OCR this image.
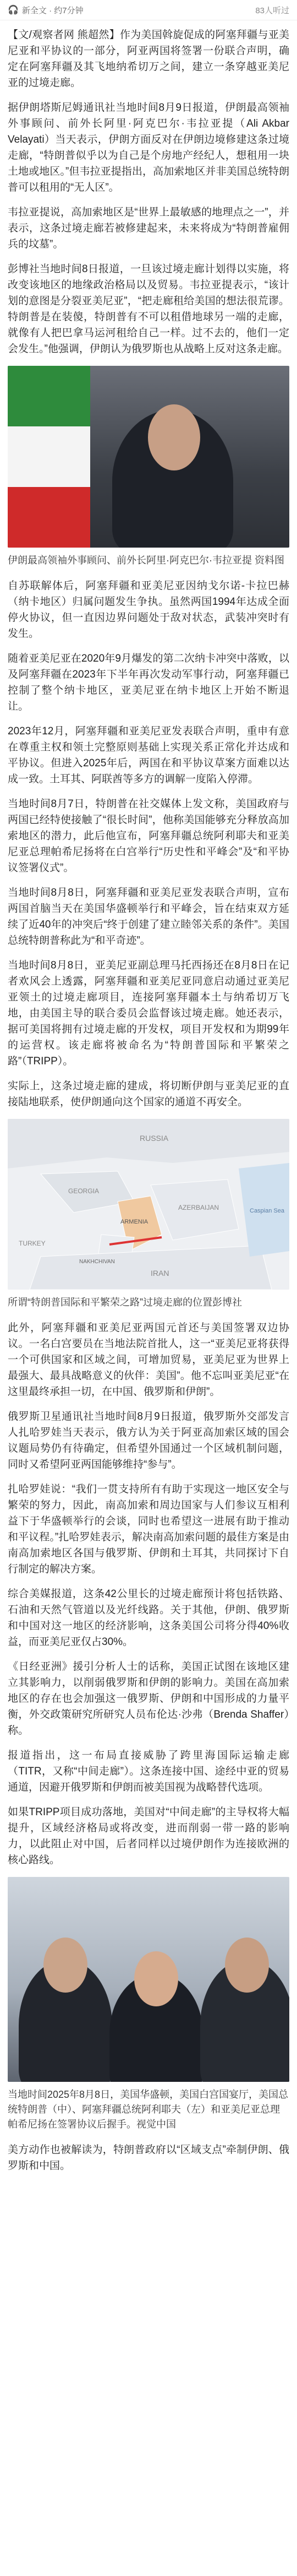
🎧 新全文 · 约7分钟	83人听过

【文/观察者网 熊超然】作为美国斡旋促成的阿塞拜疆与亚美尼亚和平协议的一部分，阿亚两国将签署一份联合声明，确定在阿塞拜疆及其飞地纳希切万之间，建立一条穿越亚美尼亚的过境走廊。

据伊朗塔斯尼姆通讯社当地时间8月9日报道，伊朗最高领袖外事顾问、前外长阿里·阿克巴尔·韦拉亚提（Ali Akbar Velayati）当天表示，伊朗方面反对在伊朗边境修建这条过境走廊，“特朗普似乎以为自己是个房地产经纪人，想租用一块土地或地区。”但韦拉亚提指出，高加索地区并非美国总统特朗普可以租用的“无人区”。

韦拉亚提说，高加索地区是“世界上最敏感的地理点之一”，并表示，这条过境走廊若被修建起来，未来将成为“特朗普雇佣兵的坟墓”。

彭博社当地时间8日报道，一旦该过境走廊计划得以实施，将改变该地区的地缘政治格局以及贸易。韦拉亚提表示，“该计划的意图是分裂亚美尼亚”，“把走廊租给美国的想法很荒谬。特朗普是在装傻，特朗普有不可以租借地球另一端的走廊，就像有人把巴拿马运河租给自己一样。过不去的，他们一定会发生。”他强调，伊朗认为俄罗斯也从战略上反对这条走廊。

伊朗最高领袖外事顾问、前外长阿里·阿克巴尔·韦拉亚提 资料图

自苏联解体后，阿塞拜疆和亚美尼亚因纳戈尔诺-卡拉巴赫（纳卡地区）归属问题发生争执。虽然两国1994年达成全面停火协议，但一直因边界问题处于敌对状态，武装冲突时有发生。

随着亚美尼亚在2020年9月爆发的第二次纳卡冲突中落败，以及阿塞拜疆在2023年下半年再次发动军事行动，阿塞拜疆已控制了整个纳卡地区，亚美尼亚在纳卡地区上开始不断退让。

2023年12月，阿塞拜疆和亚美尼亚发表联合声明，重申有意在尊重主权和领土完整原则基础上实现关系正常化并达成和平协议。但进入2025年后，两国在和平协议草案方面难以达成一致。土耳其、阿联酋等多方的调解一度陷入停滞。

当地时间8月7日，特朗普在社交媒体上发文称，美国政府与两国已经特使接触了“很长时间”，他称美国能够充分释放高加索地区的潜力，此后他宣布，阿塞拜疆总统阿利耶夫和亚美尼亚总理帕希尼扬将在白宫举行“历史性和平峰会”及“和平协议签署仪式”。

当地时间8月8日，阿塞拜疆和亚美尼亚发表联合声明，宣布两国首脑当天在美国华盛顿举行和平峰会，旨在结束双方延续了近40年的冲突后“终于创建了建立睦邻关系的条件”。美国总统特朗普称此为“和平奇迹”。

当地时间8月8日，亚美尼亚副总理马托西扬还在8月8日在记者欢风会上透露，阿塞拜疆和亚美尼亚同意启动通过亚美尼亚领土的过境走廊项目，连接阿塞拜疆本土与纳希切万飞地，由美国主导的联合委员会监督该过境走廊。她还表示，据可美国将拥有过境走廊的开发权，项目开发权和为期99年的运营权。该走廊将被命名为“特朗普国际和平繁荣之路”（TRIPP）。

实际上，这条过境走廊的建成，将切断伊朗与亚美尼亚的直接陆地联系，使伊朗通向这个国家的通道不再安全。

RUSSIA
GEORGIA
ARMENIA
AZERBAIJAN
NAKHCHIVAN
IRAN
TURKEY
Caspian Sea

所谓“特朗普国际和平繁荣之路”过境走廊的位置彭博社

此外，阿塞拜疆和亚美尼亚两国元首还与美国签署双边协议。一名白宫要员在当地法院首批人，这一“亚美尼亚将获得一个可供国家和区域之间，可增加贸易，亚美尼亚为世界上最强大、最具战略意义的伙伴：美国”。他不忘叫亚美尼亚“在这里最终承担一切，在中国、俄罗斯和伊朗”。

俄罗斯卫星通讯社当地时间8月9日报道，俄罗斯外交部发言人扎哈罗娃当天表示，俄方认为关于阿亚高加索区域的国会议题局势仍有待确定，但希望外国通过一个区域机制问题，同时又希望阿亚两国能够维持“参与”。

扎哈罗娃说：“我们一贯支持所有有助于实现这一地区安全与繁荣的努力，因此，南高加索和周边国家与人们参议互相利益下于华盛顿举行的会谈，同时也希望这一进展有助于推动和平议程。”扎哈罗娃表示，解决南高加索问题的最佳方案是由南高加索地区各国与俄罗斯、伊朗和土耳其，共同探讨下自行制定的解决方案。

综合美媒报道，这条42公里长的过境走廊预计将包括铁路、石油和天然气管道以及光纤线路。关于其他，伊朗、俄罗斯和中国对这一地区的经济影响，这条美国公司将分得40%收益，而亚美尼亚仅占30%。

《日经亚洲》援引分析人士的话称，美国正试图在该地区建立其影响力，以削弱俄罗斯和伊朗的影响力。美国在高加索地区的存在也会加强这一俄罗斯、伊朗和中国形成的力量平衡，外交政策研究所研究人员布伦达·沙弗（Brenda Shaffer）称。

报道指出，这一布局直接威胁了跨里海国际运输走廊（TITR，又称“中间走廊”）。这条连接中国、途经中亚的贸易通道，因避开俄罗斯和伊朗而被美国视为战略替代选项。

如果TRIPP项目成功落地，美国对“中间走廊”的主导权将大幅提升，区域经济格局或将改变，进而削弱一带一路的影响力，以此阻止对中国，后者同样以过境伊朗作为连接欧洲的核心路线。

当地时间2025年8月8日，美国华盛顿，美国白宫国宴厅，美国总统特朗普（中）、阿塞拜疆总统阿利耶夫（左）和亚美尼亚总理帕希尼扬在签署协议后握手。视觉中国

美方动作也被解读为，特朗普政府以“区域支点”牵制伊朗、俄罗斯和中国。
